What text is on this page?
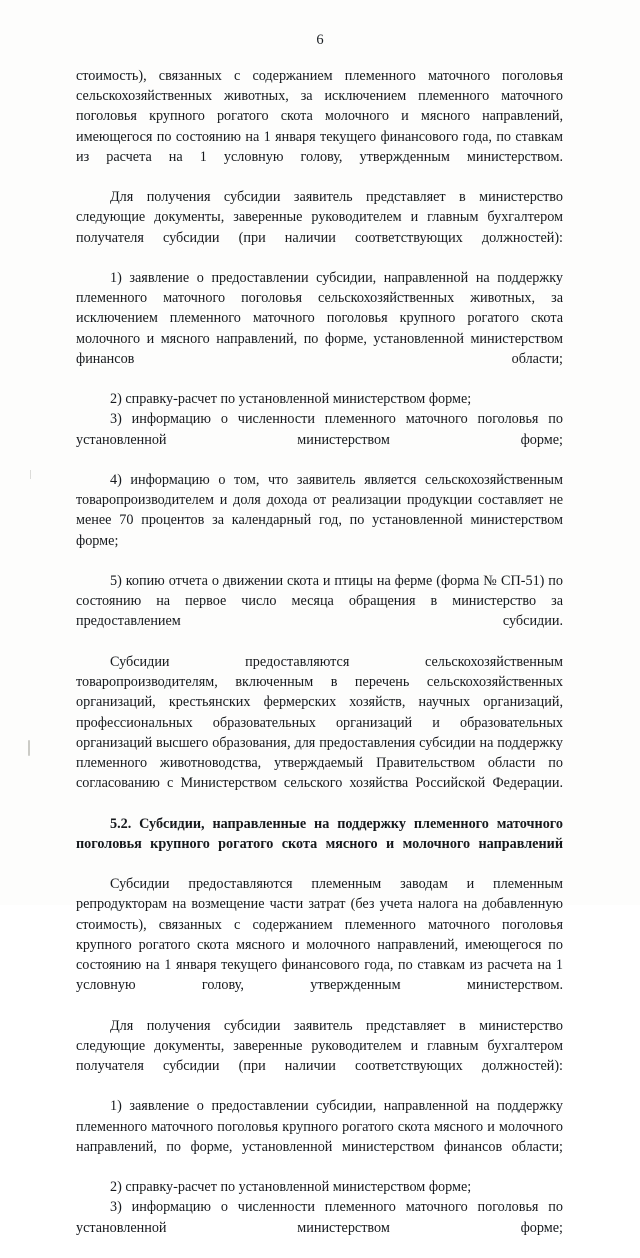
6

стоимость), связанных с содержанием племенного маточного поголовья сельскохозяйственных животных, за исключением племенного маточного поголовья крупного рогатого скота молочного и мясного направлений, имеющегося по состоянию на 1 января текущего финансового года, по ставкам из расчета на 1 условную голову, утвержденным министерством.

Для получения субсидии заявитель представляет в министерство следующие документы, заверенные руководителем и главным бухгалтером получателя субсидии (при наличии соответствующих должностей):

1) заявление о предоставлении субсидии, направленной на поддержку племенного маточного поголовья сельскохозяйственных животных, за исключением племенного маточного поголовья крупного рогатого скота молочного и мясного направлений, по форме, установленной министерством финансов области;

2) справку-расчет по установленной министерством форме;

3) информацию о численности племенного маточного поголовья по установленной министерством форме;

4) информацию о том, что заявитель является сельскохозяйственным товаропроизводителем и доля дохода от реализации продукции составляет не менее 70 процентов за календарный год, по установленной министерством форме;

5) копию отчета о движении скота и птицы на ферме (форма № СП-51) по состоянию на первое число месяца обращения в министерство за предоставлением субсидии.

Субсидии предоставляются сельскохозяйственным товаропроизводителям, включенным в перечень сельскохозяйственных организаций, крестьянских фермерских хозяйств, научных организаций, профессиональных образовательных организаций и образовательных организаций высшего образования, для предоставления субсидии на поддержку племенного животноводства, утверждаемый Правительством области по согласованию с Министерством сельского хозяйства Российской Федерации.

5.2. Субсидии, направленные на поддержку племенного маточного поголовья крупного рогатого скота мясного и молочного направлений

Субсидии предоставляются племенным заводам и племенным репродукторам на возмещение части затрат (без учета налога на добавленную стоимость), связанных с содержанием племенного маточного поголовья крупного рогатого скота мясного и молочного направлений, имеющегося по состоянию на 1 января текущего финансового года, по ставкам из расчета на 1 условную голову, утвержденным министерством.

Для получения субсидии заявитель представляет в министерство следующие документы, заверенные руководителем и главным бухгалтером получателя субсидии (при наличии соответствующих должностей):

1) заявление о предоставлении субсидии, направленной на поддержку племенного маточного поголовья крупного рогатого скота мясного и молочного направлений, по форме, установленной министерством финансов области;

2) справку-расчет по установленной министерством форме;

3) информацию о численности племенного маточного поголовья по установленной министерством форме;
